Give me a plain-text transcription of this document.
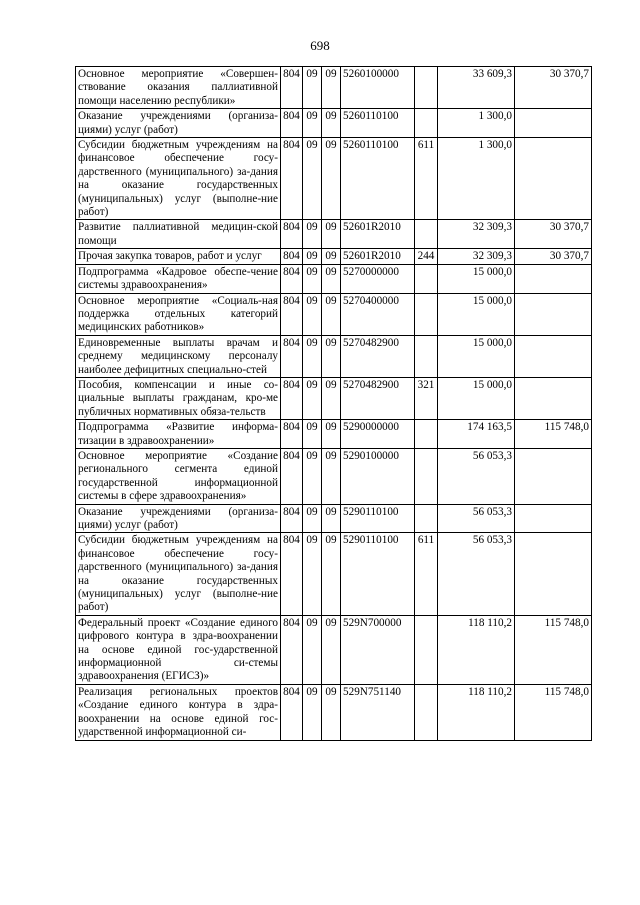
698
Основное мероприятие «Совершен-ствование оказания паллиативной помощи населению республики»	804	09	09	5260100000		33 609,3	30 370,7
Оказание учреждениями (организа-циями) услуг (работ)	804	09	09	5260110100		1 300,0	
Субсидии бюджетным учреждениям на финансовое обеспечение госу-дарственного (муниципального) за-дания на оказание государственных (муниципальных) услуг (выполне-ние работ)	804	09	09	5260110100	611	1 300,0	
Развитие паллиативной медицин-ской помощи	804	09	09	52601R2010		32 309,3	30 370,7
Прочая закупка товаров, работ и услуг	804	09	09	52601R2010	244	32 309,3	30 370,7
Подпрограмма «Кадровое обеспе-чение системы здравоохранения»	804	09	09	5270000000		15 000,0	
Основное мероприятие «Социаль-ная поддержка отдельных категорий медицинских работников»	804	09	09	5270400000		15 000,0	
Единовременные выплаты врачам и среднему медицинскому персоналу наиболее дефицитных специально-стей	804	09	09	5270482900		15 000,0	
Пособия, компенсации и иные со-циальные выплаты гражданам, кро-ме публичных нормативных обяза-тельств	804	09	09	5270482900	321	15 000,0	
Подпрограмма «Развитие информа-тизации в здравоохранении»	804	09	09	5290000000		174 163,5	115 748,0
Основное мероприятие «Создание регионального сегмента единой государственной информационной системы в сфере здравоохранения»	804	09	09	5290100000		56 053,3	
Оказание учреждениями (организа-циями) услуг (работ)	804	09	09	5290110100		56 053,3	
Субсидии бюджетным учреждениям на финансовое обеспечение госу-дарственного (муниципального) за-дания на оказание государственных (муниципальных) услуг (выполне-ние работ)	804	09	09	5290110100	611	56 053,3	
Федеральный проект «Создание единого цифрового контура в здра-воохранении на основе единой гос-ударственной информационной си-стемы здравоохранения (ЕГИСЗ)»	804	09	09	529N700000		118 110,2	115 748,0
Реализация региональных проектов «Создание единого контура в здра-воохранении на основе единой гос-ударственной информационной си-	804	09	09	529N751140		118 110,2	115 748,0
